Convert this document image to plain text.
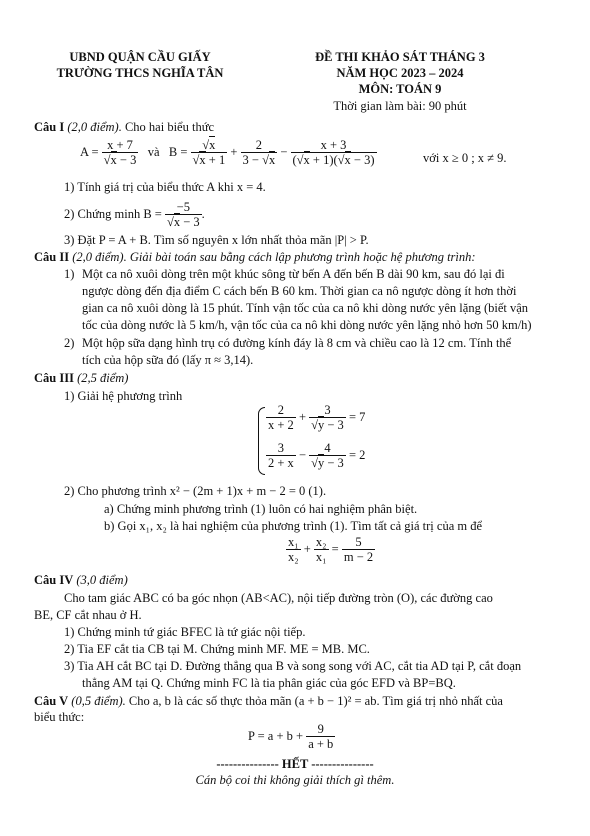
UBND QUẬN CẦU GIẤY
TRƯỜNG THCS NGHĨA TÂN
ĐỀ THI KHẢO SÁT THÁNG 3
NĂM HỌC 2023 – 2024
MÔN: TOÁN 9
Thời gian làm bài: 90 phút
Câu I (2,0 điểm). Cho hai biểu thức
$A = \frac{x + 7}{√x - 3}$ và   $B = \frac{√x}{√x + 1} + \frac{2}{3 - √x} - \frac{x + 3}{(√x + 1)(√x - 3)}$	với x ≥ 0 ; x ≠ 9.
1) Tính giá trị của biểu thức A khi x = 4.
2) Chứng minh $B = \frac{-5}{√x - 3}$ .
3) Đặt P = A + B. Tìm số nguyên x lớn nhất thỏa mãn |P| > P.
Câu II (2,0 điểm). Giải bài toán sau bằng cách lập phương trình hoặc hệ phương trình:
1) Một ca nô xuôi dòng trên một khúc sông từ bến A đến bến B dài 90 km, sau đó lại đi
ngược dòng đến địa điểm C cách bến B 60 km. Thời gian ca nô ngược dòng ít hơn thời
gian ca nô xuôi dòng là 15 phút. Tính vận tốc của ca nô khi dòng nước yên lặng (biết vận
tốc của dòng nước là 5 km/h, vận tốc của ca nô khi dòng nước yên lặng nhỏ hơn 50 km/h)
2) Một hộp sữa dạng hình trụ có đường kính đáy là 8 cm và chiều cao là 12 cm. Tính thể
tích của hộp sữa đó (lấy π ≈ 3,14).
Câu III (2,5 điểm)
1) Giải hệ phương trình
$\frac{2}{x + 2} + \frac{3}{√y - 3} = 7$
$\frac{3}{2 + x} - \frac{4}{√y - 3} = 2$
2) Cho phương trình x² − (2m + 1)x + m − 2 = 0 (1).
a) Chứng minh phương trình (1) luôn có hai nghiệm phân biệt.
b) Gọi x₁, x₂ là hai nghiệm của phương trình (1). Tìm tất cả giá trị của m để
$\frac{\text{x₁}}{\text{x₂}} + \frac{\text{x₂}}{\text{x₁}} = \frac{5}{m - 2}$
Câu IV (3,0 điểm)
Cho tam giác ABC có ba góc nhọn (AB<AC), nội tiếp đường tròn (O), các đường cao
BE, CF cắt nhau ở H.
1) Chứng minh tứ giác BFEC là tứ giác nội tiếp.
2) Tia EF cắt tia CB tại M. Chứng minh MF. ME = MB. MC.
3) Tia AH cắt BC tại D. Đường thẳng qua B và song song với AC, cắt tia AD tại P, cắt đoạn
thẳng AM tại Q. Chứng minh FC là tia phân giác của góc EFD và BP=BQ.
Câu V (0,5 điểm). Cho a, b là các số thực thỏa mãn (a + b − 1)² = ab. Tìm giá trị nhỏ nhất của
biểu thức:
$P = a + b + \frac{9}{a + b}$
--------------- HẾT ---------------
Cán bộ coi thi không giải thích gì thêm.
